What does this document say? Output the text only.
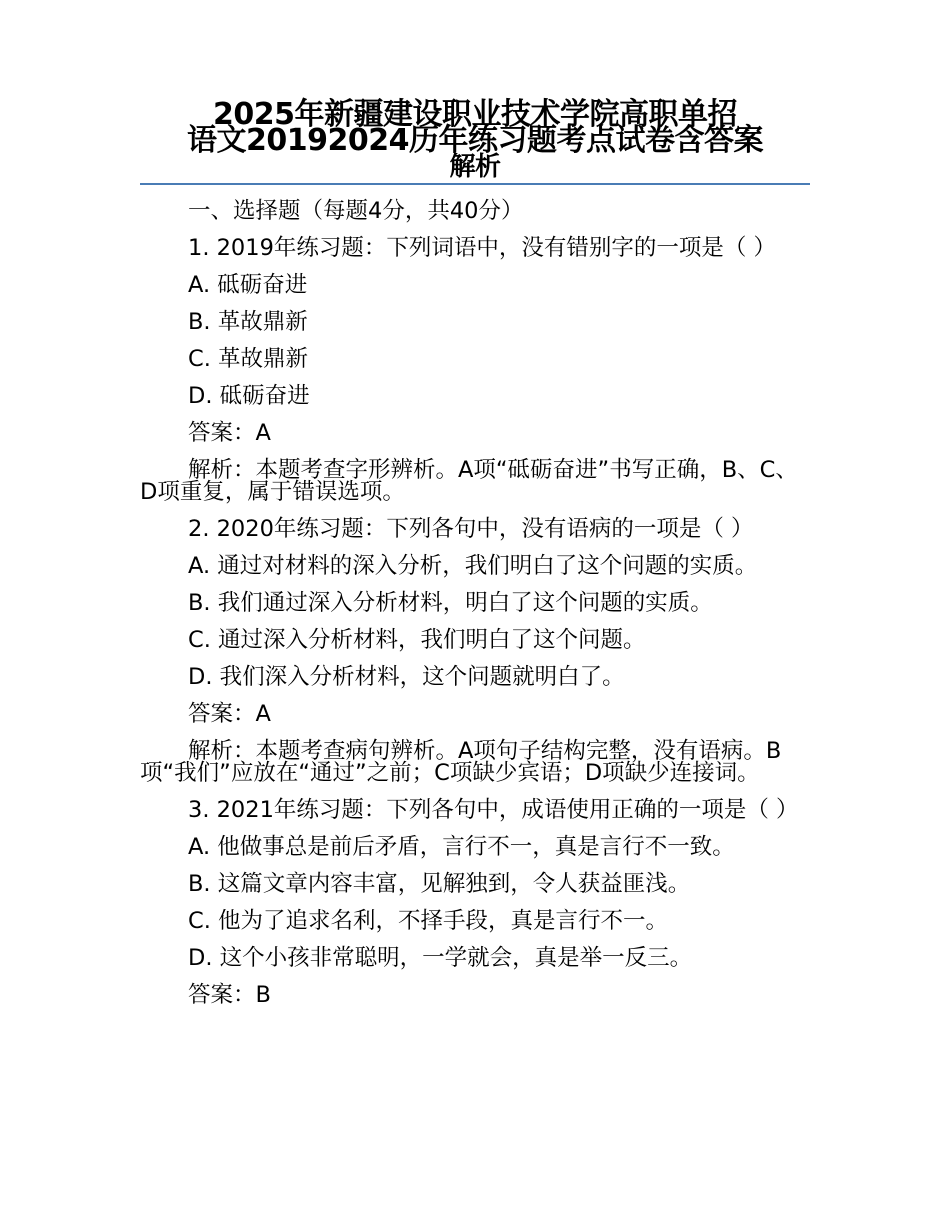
2025年新疆建设职业技术学院高职单招
语文20192024历年练习题考点试卷含答案
解析

一、选择题（每题4分，共40分）

1. 2019年练习题：下列词语中，没有错别字的一项是（ ）

A. 砥砺奋进

B. 革故鼎新

C. 革故鼎新

D. 砥砺奋进

答案：A

解析：本题考查字形辨析。A项“砥砺奋进”书写正确，B、C、D项重复，属于错误选项。

2. 2020年练习题：下列各句中，没有语病的一项是（ ）

A. 通过对材料的深入分析，我们明白了这个问题的实质。

B. 我们通过深入分析材料，明白了这个问题的实质。

C. 通过深入分析材料，我们明白了这个问题。

D. 我们深入分析材料，这个问题就明白了。

答案：A

解析：本题考查病句辨析。A项句子结构完整，没有语病。B项“我们”应放在“通过”之前；C项缺少宾语；D项缺少连接词。

3. 2021年练习题：下列各句中，成语使用正确的一项是（ ）

A. 他做事总是前后矛盾，言行不一，真是言行不一致。

B. 这篇文章内容丰富，见解独到，令人获益匪浅。

C. 他为了追求名利，不择手段，真是言行不一。

D. 这个小孩非常聪明，一学就会，真是举一反三。

答案：B
